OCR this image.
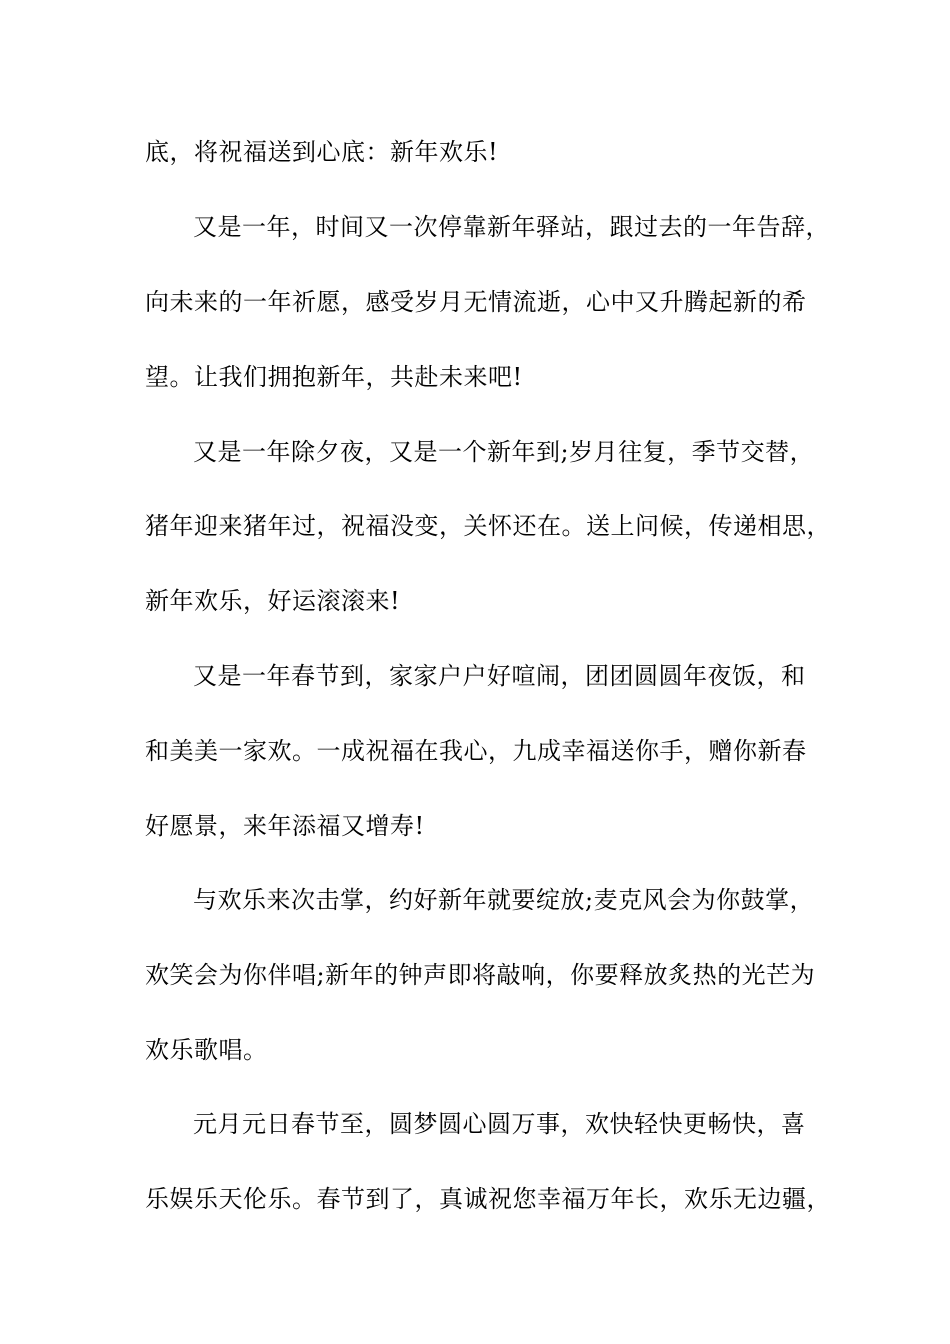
底，将祝福送到心底：新年欢乐!
又是一年，时间又一次停靠新年驿站，跟过去的一年告辞，
向未来的一年祈愿，感受岁月无情流逝，心中又升腾起新的希
望。让我们拥抱新年，共赴未来吧!
又是一年除夕夜，又是一个新年到;岁月往复，季节交替，
猪年迎来猪年过，祝福没变，关怀还在。送上问候，传递相思，
新年欢乐，好运滚滚来!
又是一年春节到，家家户户好喧闹，团团圆圆年夜饭，和
和美美一家欢。一成祝福在我心，九成幸福送你手，赠你新春
好愿景，来年添福又增寿!
与欢乐来次击掌，约好新年就要绽放;麦克风会为你鼓掌，
欢笑会为你伴唱;新年的钟声即将敲响，你要释放炙热的光芒为
欢乐歌唱。
元月元日春节至，圆梦圆心圆万事，欢快轻快更畅快，喜
乐娱乐天伦乐。春节到了，真诚祝您幸福万年长，欢乐无边疆，
